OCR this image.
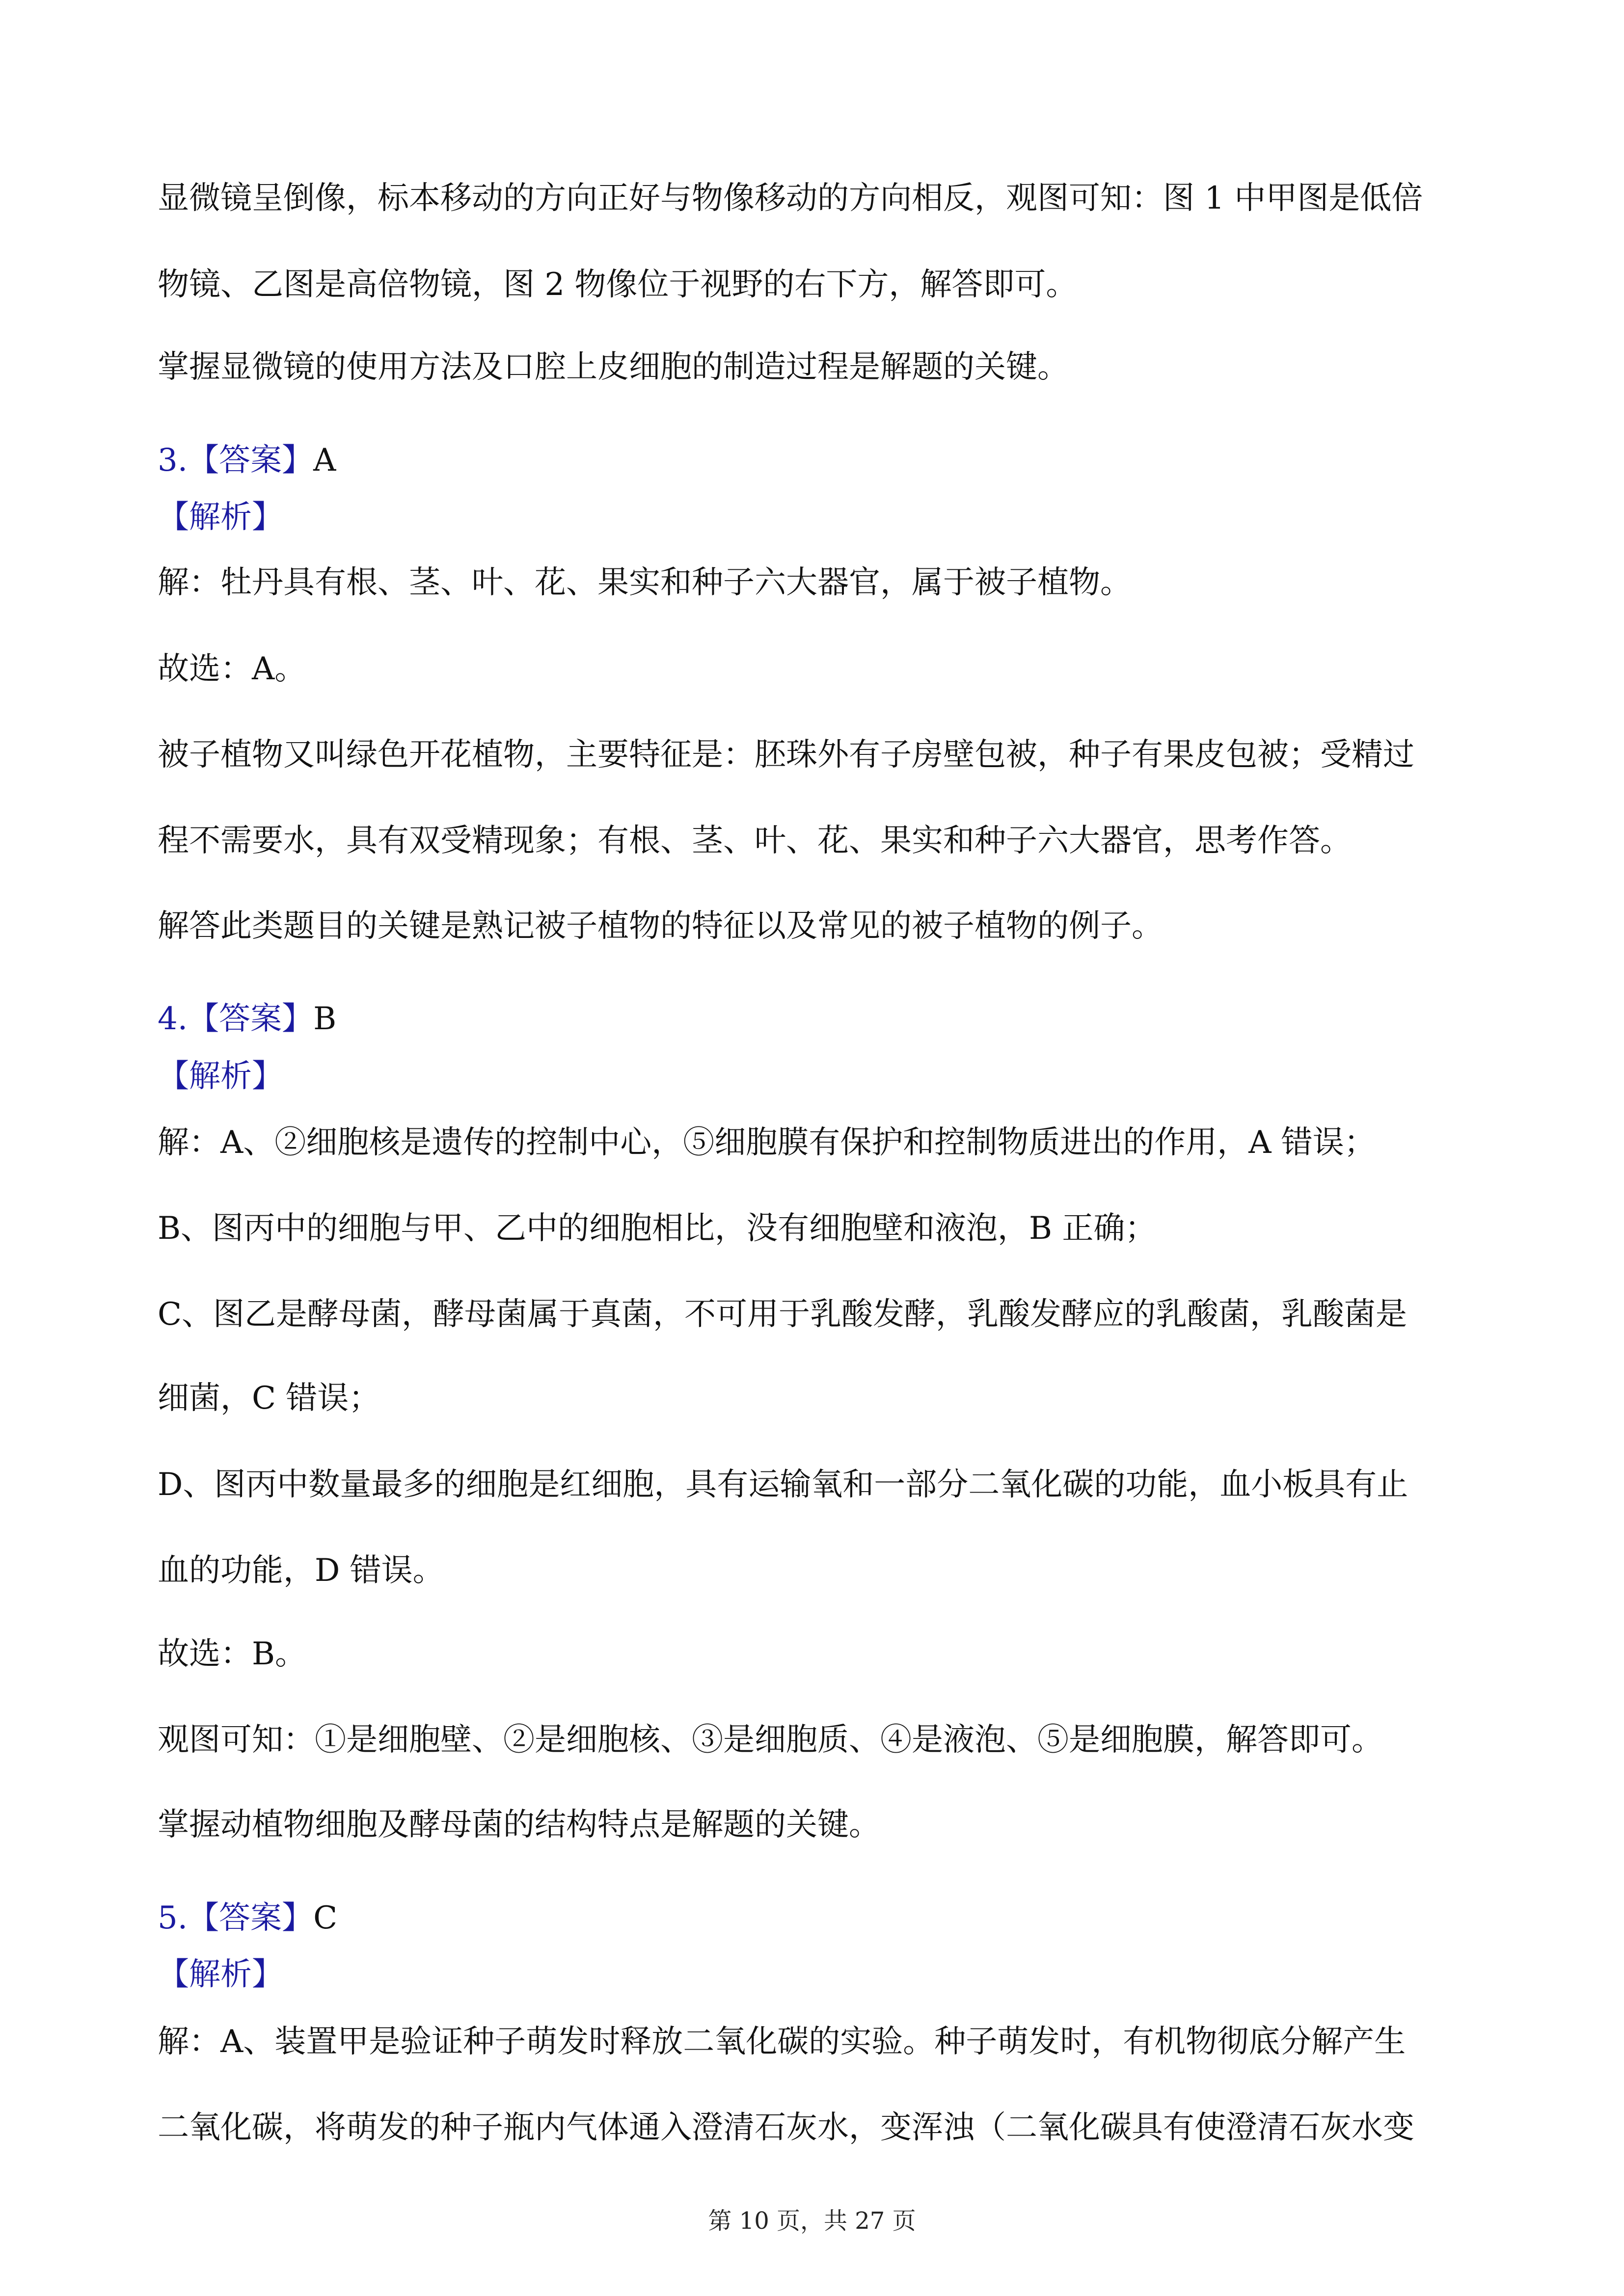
显微镜呈倒像，标本移动的方向正好与物像移动的方向相反，观图可知：图 1 中甲图是低倍
物镜、乙图是高倍物镜，图 2 物像位于视野的右下方，解答即可。
掌握显微镜的使用方法及口腔上皮细胞的制造过程是解题的关键。
3.【答案】A
【解析】
解：牡丹具有根、茎、叶、花、果实和种子六大器官，属于被子植物。
故选：A。
被子植物又叫绿色开花植物，主要特征是：胚珠外有子房壁包被，种子有果皮包被；受精过
程不需要水，具有双受精现象；有根、茎、叶、花、果实和种子六大器官，思考作答。
解答此类题目的关键是熟记被子植物的特征以及常见的被子植物的例子。
4.【答案】B
【解析】
解：A、②细胞核是遗传的控制中心，⑤细胞膜有保护和控制物质进出的作用，A 错误；
B、图丙中的细胞与甲、乙中的细胞相比，没有细胞壁和液泡，B 正确；
C、图乙是酵母菌，酵母菌属于真菌，不可用于乳酸发酵，乳酸发酵应的乳酸菌，乳酸菌是
细菌，C 错误；
D、图丙中数量最多的细胞是红细胞，具有运输氧和一部分二氧化碳的功能，血小板具有止
血的功能，D 错误。
故选：B。
观图可知：①是细胞壁、②是细胞核、③是细胞质、④是液泡、⑤是细胞膜，解答即可。
掌握动植物细胞及酵母菌的结构特点是解题的关键。
5.【答案】C
【解析】
解：A、装置甲是验证种子萌发时释放二氧化碳的实验。种子萌发时，有机物彻底分解产生
二氧化碳，将萌发的种子瓶内气体通入澄清石灰水，变浑浊（二氧化碳具有使澄清石灰水变
第 10 页，共 27 页
